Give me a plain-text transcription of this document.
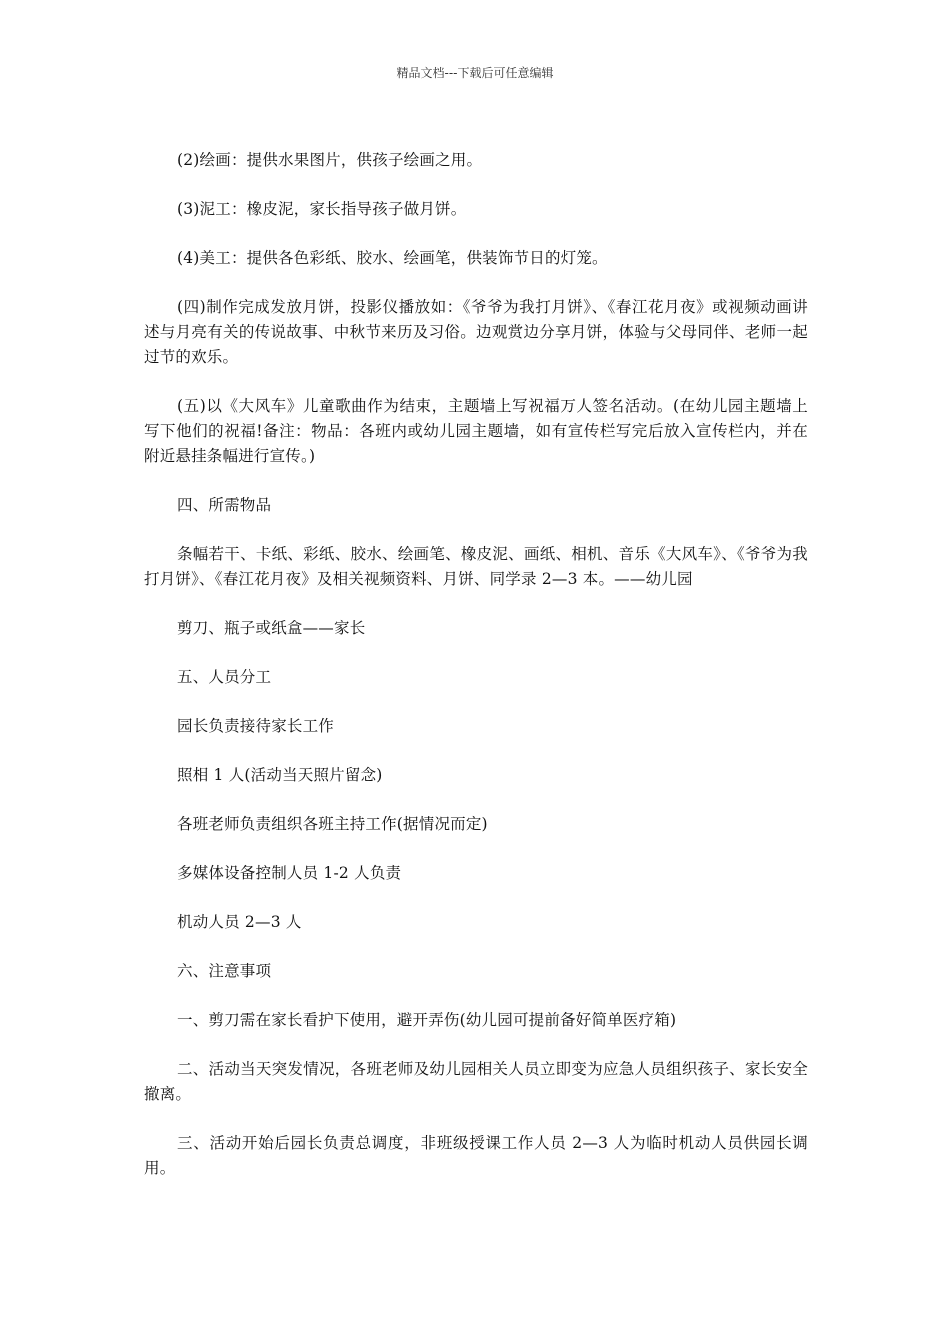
精品文档---下载后可任意编辑

(2)绘画：提供水果图片，供孩子绘画之用。

(3)泥工：橡皮泥，家长指导孩子做月饼。

(4)美工：提供各色彩纸、胶水、绘画笔，供装饰节日的灯笼。

(四)制作完成发放月饼，投影仪播放如：《爷爷为我打月饼》、《春江花月夜》或视频动画讲述与月亮有关的传说故事、中秋节来历及习俗。边观赏边分享月饼，体验与父母同伴、老师一起过节的欢乐。

(五)以《大风车》儿童歌曲作为结束，主题墙上写祝福万人签名活动。(在幼儿园主题墙上写下他们的祝福!备注：物品：各班内或幼儿园主题墙，如有宣传栏写完后放入宣传栏内，并在附近悬挂条幅进行宣传。)

四、所需物品

条幅若干、卡纸、彩纸、胶水、绘画笔、橡皮泥、画纸、相机、音乐《大风车》、《爷爷为我打月饼》、《春江花月夜》及相关视频资料、月饼、同学录 2—3 本。——幼儿园

剪刀、瓶子或纸盒——家长

五、人员分工

园长负责接待家长工作

照相 1 人(活动当天照片留念)

各班老师负责组织各班主持工作(据情况而定)

多媒体设备控制人员 1-2 人负责

机动人员 2—3 人

六、注意事项

一、剪刀需在家长看护下使用，避开弄伤(幼儿园可提前备好简单医疗箱)

二、活动当天突发情况，各班老师及幼儿园相关人员立即变为应急人员组织孩子、家长安全撤离。

三、活动开始后园长负责总调度，非班级授课工作人员 2—3 人为临时机动人员供园长调用。
